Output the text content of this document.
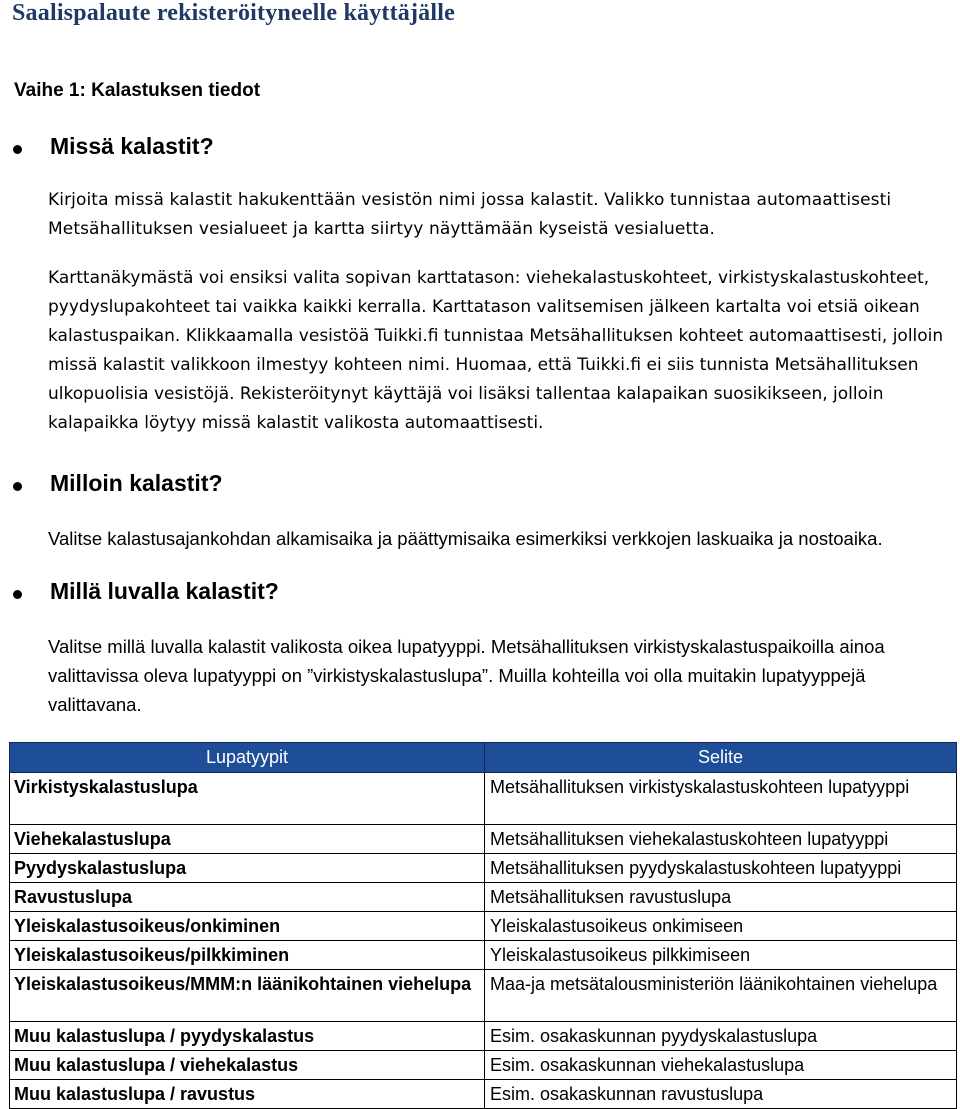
Saalispalaute rekisteröityneelle käyttäjälle
Vaihe 1: Kalastuksen tiedot
Missä kalastit?

Kirjoita missä kalastit hakukenttään vesistön nimi jossa kalastit. Valikko tunnistaa automaattisesti Metsähallituksen vesialueet ja kartta siirtyy näyttämään kyseistä vesialuetta.

Karttanäkymästä voi ensiksi valita sopivan karttatason: viehekalastuskohteet, virkistyskalastuskohteet, pyydyslupakohteet tai vaikka kaikki kerralla. Karttatason valitsemisen jälkeen kartalta voi etsiä oikean kalastuspaikan. Klikkaamalla vesistöä Tuikki.fi tunnistaa Metsähallituksen kohteet automaattisesti, jolloin missä kalastit valikkoon ilmestyy kohteen nimi. Huomaa, että Tuikki.fi ei siis tunnista Metsähallituksen ulkopuolisia vesistöjä. Rekisteröitynyt käyttäjä voi lisäksi tallentaa kalapaikan suosikikseen, jolloin kalapaikka löytyy missä kalastit valikosta automaattisesti.

Milloin kalastit?

Valitse kalastusajankohdan alkamisaika ja päättymisaika esimerkiksi verkkojen laskuaika ja nostoaika.

Millä luvalla kalastit?

Valitse millä luvalla kalastit valikosta oikea lupatyyppi. Metsähallituksen virkistyskalastuspaikoilla ainoa valittavissa oleva lupatyyppi on ”virkistyskalastuslupa”. Muilla kohteilla voi olla muitakin lupatyyppejä valittavana.

Lupatyypit	Selite
Virkistyskalastuslupa	Metsähallituksen virkistyskalastuskohteen lupatyyppi
Viehekalastuslupa	Metsähallituksen viehekalastuskohteen lupatyyppi
Pyydyskalastuslupa	Metsähallituksen pyydyskalastuskohteen lupatyyppi
Ravustuslupa	Metsähallituksen ravustuslupa
Yleiskalastusoikeus/onkiminen	Yleiskalastusoikeus onkimiseen
Yleiskalastusoikeus/pilkkiminen	Yleiskalastusoikeus pilkkimiseen
Yleiskalastusoikeus/MMM:n läänikohtainen viehelupa	Maa-ja metsätalousministeriön läänikohtainen viehelupa
Muu kalastuslupa / pyydyskalastus	Esim. osakaskunnan pyydyskalastuslupa
Muu kalastuslupa / viehekalastus	Esim. osakaskunnan viehekalastuslupa
Muu kalastuslupa / ravustus	Esim. osakaskunnan ravustuslupa
